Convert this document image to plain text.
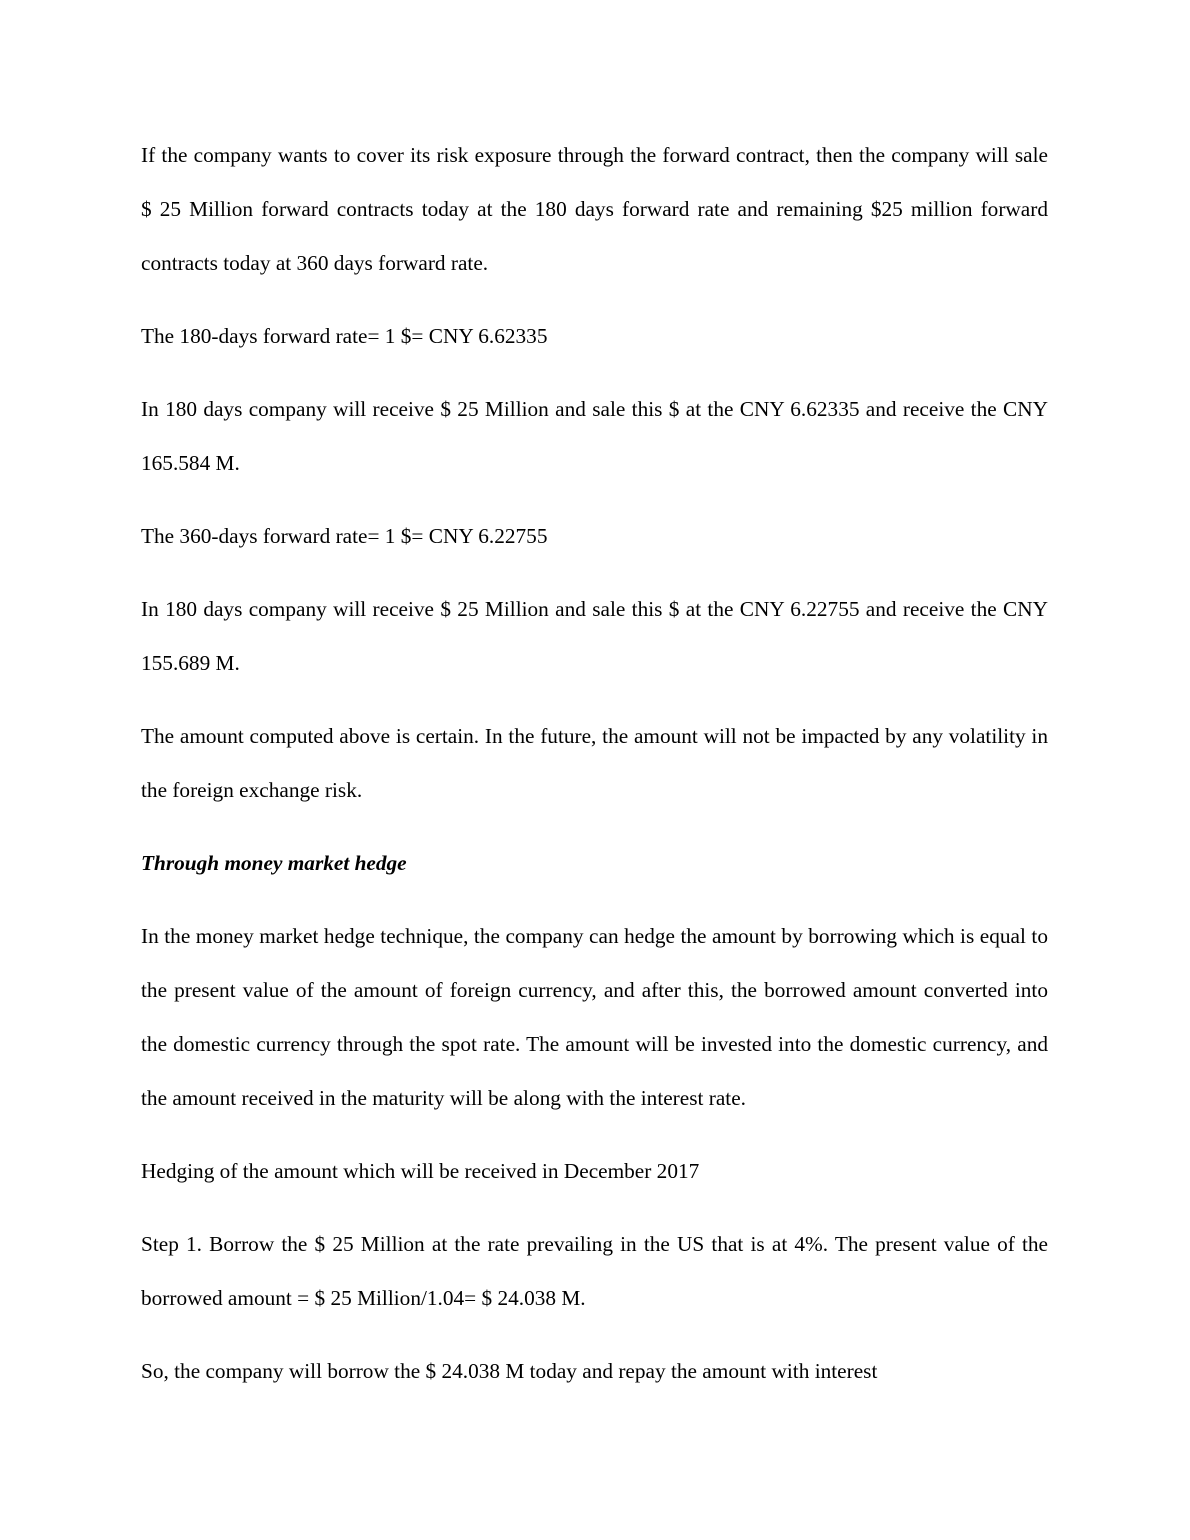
If the company wants to cover its risk exposure through the forward contract, then the company will sale $ 25 Million forward contracts today at the 180 days forward rate and remaining $25 million forward contracts today at 360 days forward rate.

The 180-days forward rate= 1 $= CNY 6.62335

In 180 days company will receive $ 25 Million and sale this $ at the CNY 6.62335 and receive the CNY 165.584 M.

The 360-days forward rate= 1 $= CNY 6.22755

In 180 days company will receive $ 25 Million and sale this $ at the CNY 6.22755 and receive the CNY 155.689 M.

The amount computed above is certain. In the future, the amount will not be impacted by any volatility in the foreign exchange risk.

Through money market hedge

In the money market hedge technique, the company can hedge the amount by borrowing which is equal to the present value of the amount of foreign currency, and after this, the borrowed amount converted into the domestic currency through the spot rate. The amount will be invested into the domestic currency, and the amount received in the maturity will be along with the interest rate.

Hedging of the amount which will be received in December 2017

Step 1. Borrow the $ 25 Million at the rate prevailing in the US that is at 4%. The present value of the borrowed amount = $ 25 Million/1.04= $ 24.038 M.

So, the company will borrow the $ 24.038 M today and repay the amount with interest
